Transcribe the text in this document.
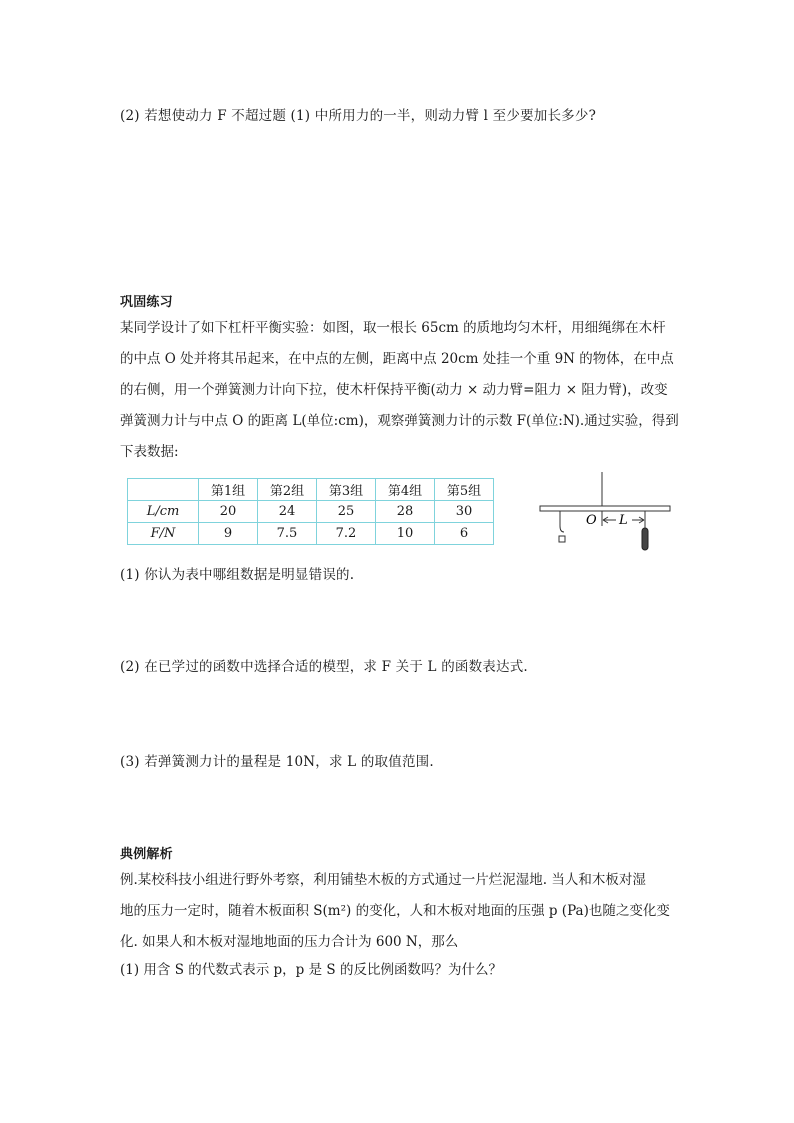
(2) 若想使动力 F 不超过题 (1) 中所用力的一半，则动力臂 l 至少要加长多少?
巩固练习
某同学设计了如下杠杆平衡实验：如图，取一根长 65cm 的质地均匀木杆，用细绳绑在木杆
的中点 O 处并将其吊起来，在中点的左侧，距离中点 20cm 处挂一个重 9N 的物体，在中点
的右侧，用一个弹簧测力计向下拉，使木杆保持平衡(动力 × 动力臂=阻力 × 阻力臂)，改变
弹簧测力计与中点 O 的距离 L(单位:cm)，观察弹簧测力计的示数 F(单位:N).通过实验，得到
下表数据:
	第1组	第2组	第3组	第4组	第5组
L/cm	20	24	25	28	30
F/N	9	7.5	7.2	10	6
O L
(1) 你认为表中哪组数据是明显错误的.
(2) 在已学过的函数中选择合适的模型，求 F 关于 L 的函数表达式.
(3) 若弹簧测力计的量程是 10N，求 L 的取值范围.
典例解析
例.某校科技小组进行野外考察，利用铺垫木板的方式通过一片烂泥湿地. 当人和木板对湿
地的压力一定时，随着木板面积 S(m²) 的变化，人和木板对地面的压强 p (Pa)也随之变化变
化. 如果人和木板对湿地地面的压力合计为 600 N，那么
(1) 用含 S 的代数式表示 p，p 是 S 的反比例函数吗？为什么？
